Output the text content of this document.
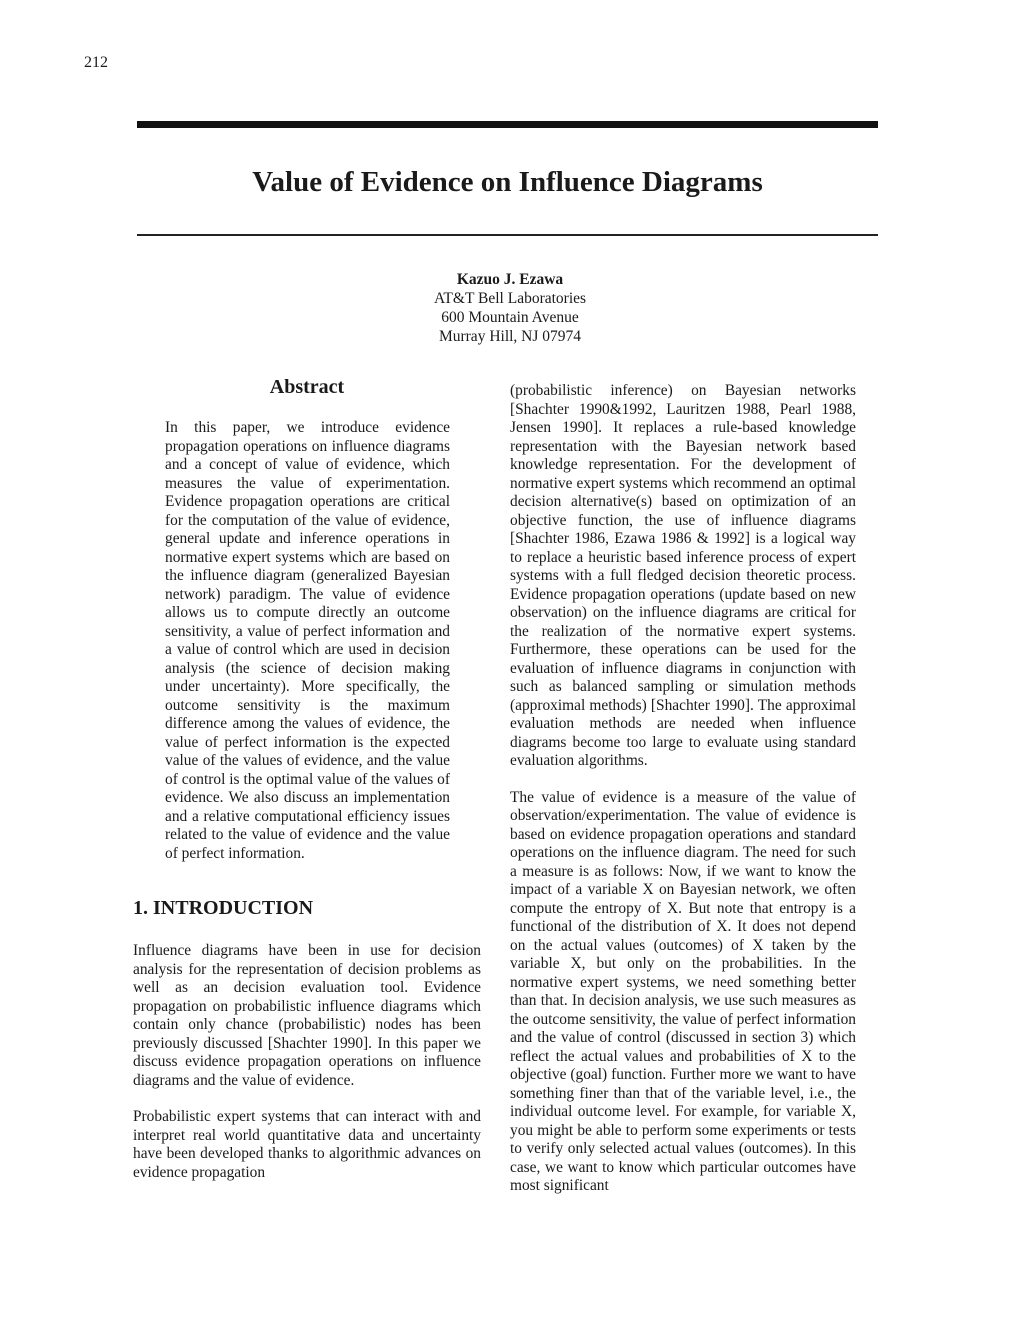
212
Value of Evidence on Influence Diagrams
Kazuo J. Ezawa
AT&T Bell Laboratories
600 Mountain Avenue
Murray Hill, NJ 07974
Abstract

In this paper, we introduce evidence propagation operations on influence diagrams and a concept of value of evidence, which measures the value of experimentation. Evidence propagation operations are critical for the computation of the value of evidence, general update and inference operations in normative expert systems which are based on the influence diagram (generalized Bayesian network) paradigm. The value of evidence allows us to compute directly an outcome sensitivity, a value of perfect information and a value of control which are used in decision analysis (the science of decision making under uncertainty). More specifically, the outcome sensitivity is the maximum difference among the values of evidence, the value of perfect information is the expected value of the values of evidence, and the value of control is the optimal value of the values of evidence. We also discuss an implementation and a relative computational efficiency issues related to the value of evidence and the value of perfect information.

1. INTRODUCTION

Influence diagrams have been in use for decision analysis for the representation of decision problems as well as an decision evaluation tool. Evidence propagation on probabilistic influence diagrams which contain only chance (probabilistic) nodes has been previously discussed [Shachter 1990]. In this paper we discuss evidence propagation operations on influence diagrams and the value of evidence.

Probabilistic expert systems that can interact with and interpret real world quantitative data and uncertainty have been developed thanks to algorithmic advances on evidence propagation

(probabilistic inference) on Bayesian networks [Shachter 1990&1992, Lauritzen 1988, Pearl 1988, Jensen 1990]. It replaces a rule-based knowledge representation with the Bayesian network based knowledge representation. For the development of normative expert systems which recommend an optimal decision alternative(s) based on optimization of an objective function, the use of influence diagrams [Shachter 1986, Ezawa 1986 & 1992] is a logical way to replace a heuristic based inference process of expert systems with a full fledged decision theoretic process. Evidence propagation operations (update based on new observation) on the influence diagrams are critical for the realization of the normative expert systems. Furthermore, these operations can be used for the evaluation of influence diagrams in conjunction with such as balanced sampling or simulation methods (approximal methods) [Shachter 1990]. The approximal evaluation methods are needed when influence diagrams become too large to evaluate using standard evaluation algorithms.

The value of evidence is a measure of the value of observation/experimentation. The value of evidence is based on evidence propagation operations and standard operations on the influence diagram. The need for such a measure is as follows: Now, if we want to know the impact of a variable X on Bayesian network, we often compute the entropy of X. But note that entropy is a functional of the distribution of X. It does not depend on the actual values (outcomes) of X taken by the variable X, but only on the probabilities. In the normative expert systems, we need something better than that. In decision analysis, we use such measures as the outcome sensitivity, the value of perfect information and the value of control (discussed in section 3) which reflect the actual values and probabilities of X to the objective (goal) function. Further more we want to have something finer than that of the variable level, i.e., the individual outcome level. For example, for variable X, you might be able to perform some experiments or tests to verify only selected actual values (outcomes). In this case, we want to know which particular outcomes have most significant
